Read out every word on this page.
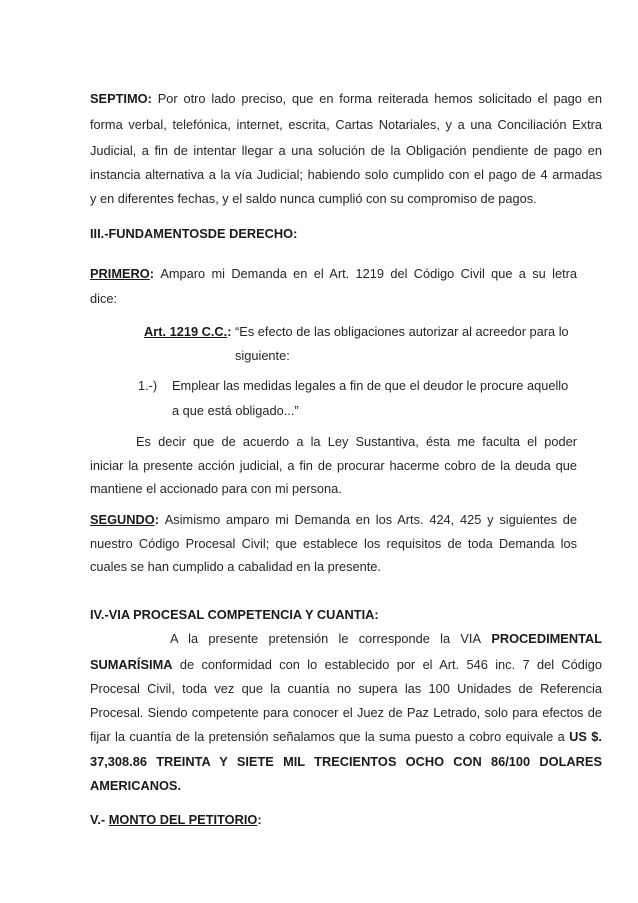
SEPTIMO: Por otro lado preciso, que en forma reiterada hemos solicitado el pago en

forma verbal, telefónica, internet, escrita, Cartas Notariales, y a una Conciliación Extra

Judicial, a fin de intentar llegar a una solución de la Obligación pendiente de pago en

instancia alternativa a la vía Judicial; habiendo solo cumplido con el pago de 4 armadas

y en diferentes fechas, y el saldo nunca cumplió con su compromiso de pagos.

III.-FUNDAMENTOSDE DERECHO:

PRIMERO: Amparo mi Demanda en el Art. 1219 del Código Civil que a su letra

dice:

Art. 1219 C.C.: “Es efecto de las obligaciones autorizar al acreedor para lo

siguiente:

1.-) Emplear las medidas legales a fin de que el deudor le procure aquello

a que está obligado...”

Es decir que de acuerdo a la Ley Sustantiva, ésta me faculta el poder

iniciar la presente acción judicial, a fin de procurar hacerme cobro de la deuda que

mantiene el accionado para con mi persona.

SEGUNDO: Asimismo amparo mi Demanda en los Arts. 424, 425 y siguientes de

nuestro Código Procesal Civil; que establece los requisitos de toda Demanda los

cuales se han cumplido a cabalidad en la presente.

IV.-VIA PROCESAL COMPETENCIA Y CUANTIA:

A la presente pretensión le corresponde la VIA PROCEDIMENTAL

SUMARÍSIMA de conformidad con lo establecido por el Art. 546 inc. 7 del Código

Procesal Civil, toda vez que la cuantía no supera las 100 Unidades de Referencia

Procesal. Siendo competente para conocer el Juez de Paz Letrado, solo para efectos de

fijar la cuantía de la pretensión señalamos que la suma puesto a cobro equivale a US $.

37,308.86 TREINTA Y SIETE MIL TRECIENTOS OCHO CON 86/100 DOLARES

AMERICANOS.

V.- MONTO DEL PETITORIO:
